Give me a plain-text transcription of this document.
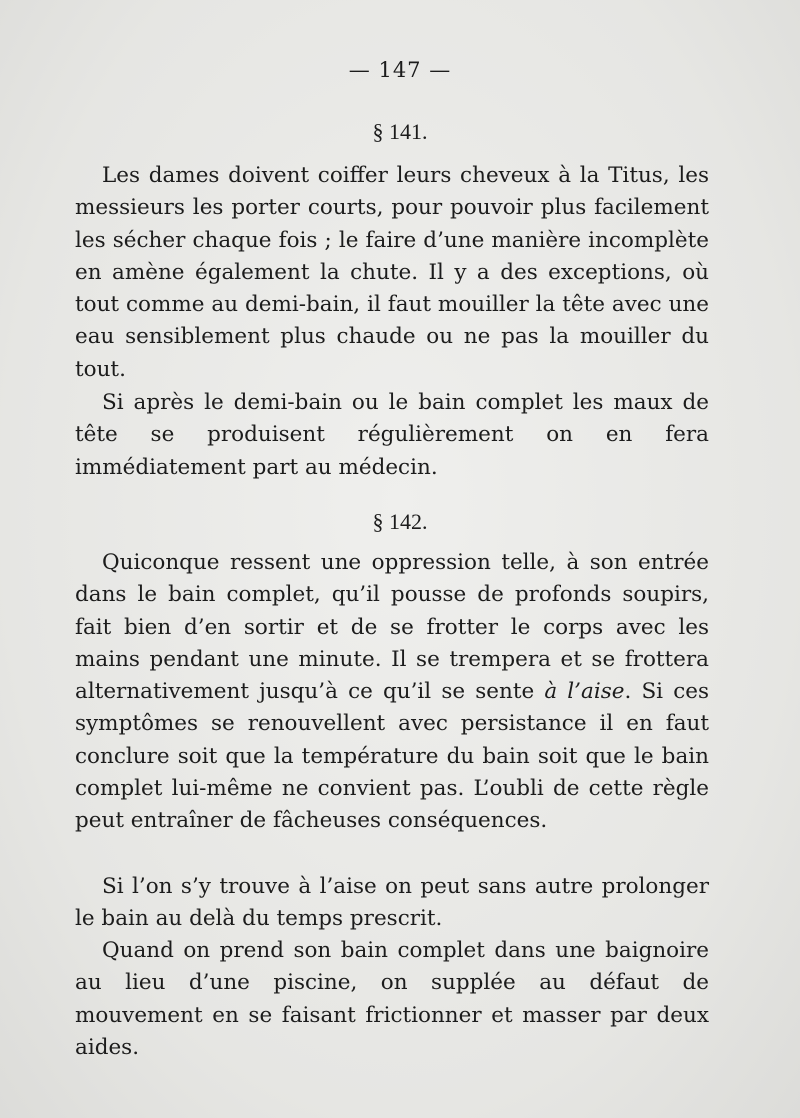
— 147 —
§ 141.

Les dames doivent coiffer leurs cheveux à la Titus, les messieurs les porter courts, pour pouvoir plus facilement les sécher chaque fois ; le faire d’une manière incomplète en amène également la chute. Il y a des exceptions, où tout comme au demi-bain, il faut mouiller la tête avec une eau sensiblement plus chaude ou ne pas la mouiller du tout.

Si après le demi-bain ou le bain complet les maux de tête se produisent régulièrement on en fera immédiatement part au médecin.

§ 142.

Quiconque ressent une oppression telle, à son entrée dans le bain complet, qu’il pousse de profonds soupirs, fait bien d’en sortir et de se frotter le corps avec les mains pendant une minute. Il se trempera et se frottera alternativement jusqu’à ce qu’il se sente à l’aise. Si ces symptômes se renouvellent avec persistance il en faut conclure soit que la température du bain soit que le bain complet lui-même ne convient pas. L’oubli de cette règle peut entraîner de fâcheuses conséquences.

Si l’on s’y trouve à l’aise on peut sans autre prolonger le bain au delà du temps prescrit.

Quand on prend son bain complet dans une baignoire au lieu d’une piscine, on supplée au défaut de mouvement en se faisant frictionner et masser par deux aides.
